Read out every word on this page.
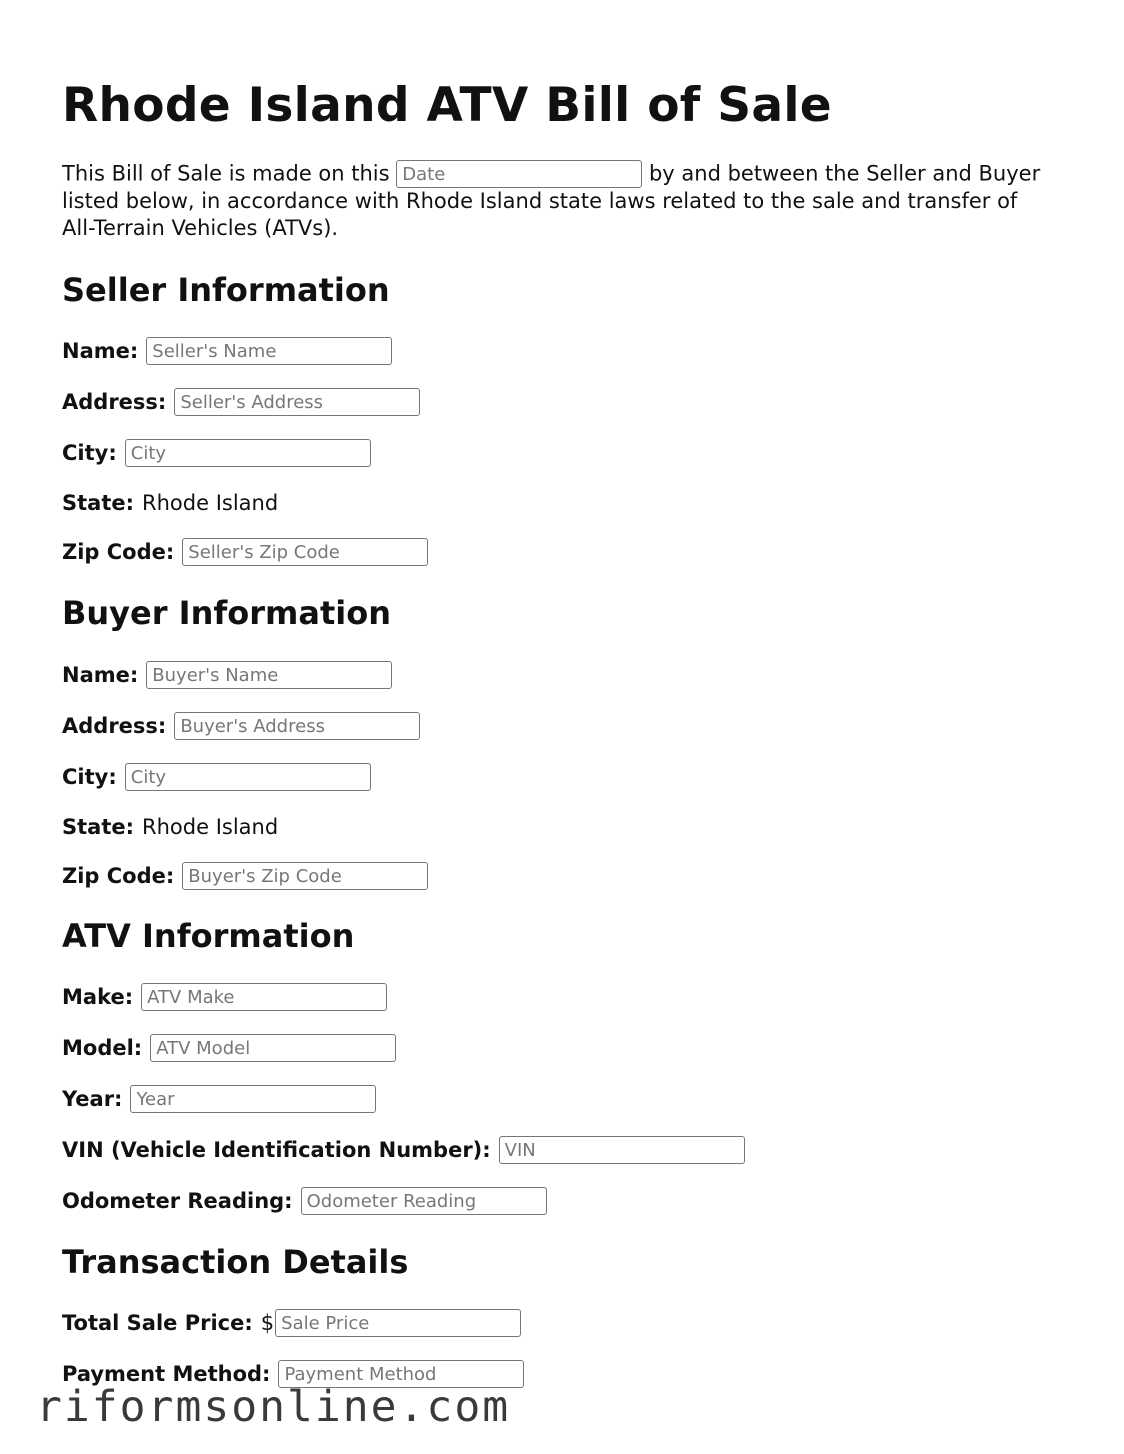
Rhode Island ATV Bill of Sale

This Bill of Sale is made on this Date	by and between the Seller and Buyer listed below, in accordance with Rhode Island state laws related to the sale and transfer of All-Terrain Vehicles (ATVs).

Seller Information
Name:
Seller's Name
Address:
Seller's Address
City:
City
State: Rhode Island
Zip Code:
Seller's Zip Code
Buyer Information
Name:
Buyer's Name
Address:
Buyer's Address
City:
City
State: Rhode Island
Zip Code:
Buyer's Zip Code
ATV Information
Make:
ATV Make
Model:
ATV Model
Year:
Year
VIN (Vehicle Identification Number):
VIN
Odometer Reading:
Odometer Reading
Transaction Details
Total Sale Price: $
Sale Price
Payment Method:
Payment Method
riformsonline.com
